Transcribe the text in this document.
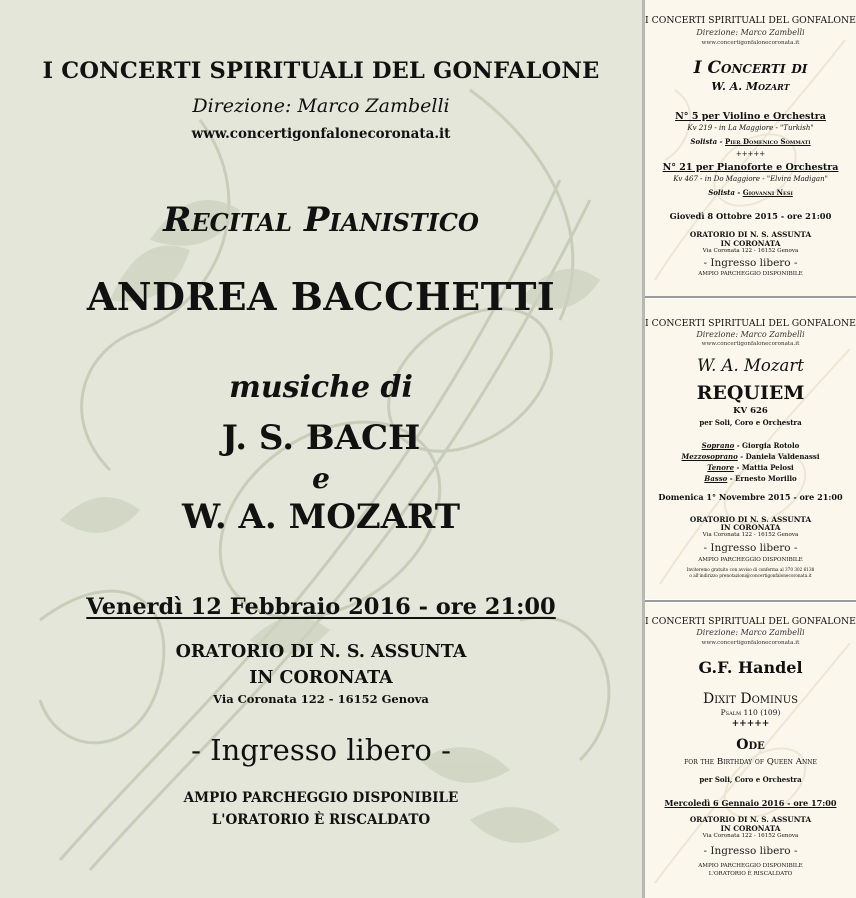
I CONCERTI SPIRITUALI DEL GONFALONE
Direzione: Marco Zambelli
www.concertigonfalonecoronata.it
Recital Pianistico
ANDREA BACCHETTI
musiche di
J. S. BACH
e
W. A. MOZART
Venerdì 12 Febbraio 2016 - ore 21:00
ORATORIO DI N. S. ASSUNTA
IN CORONATA
Via Coronata 122 - 16152 Genova
- Ingresso libero -
AMPIO PARCHEGGIO DISPONIBILE
L'ORATORIO È RISCALDATO
I CONCERTI SPIRITUALI DEL GONFALONE
Direzione: Marco Zambelli
www.concertigonfalonecoronata.it
I Concerti di
W. A. Mozart
N° 5 per Violino e Orchestra
Kv 219 - in La Maggiore - "Turkish"
Solista - Pier Domenico Sommati
+++++
N° 21 per Pianoforte e Orchestra
Kv 467 - in Do Maggiore - "Elvira Madigan"
Solista - Giovanni Nesi
Giovedì 8 Ottobre 2015 - ore 21:00
ORATORIO DI N. S. ASSUNTA
IN CORONATA
Via Coronata 122 - 16152 Genova
- Ingresso libero -
AMPIO PARCHEGGIO DISPONIBILE
I CONCERTI SPIRITUALI DEL GONFALONE
Direzione: Marco Zambelli
www.concertigonfalonecoronata.it
W. A. Mozart
REQUIEM
KV 626
per Soli, Coro e Orchestra
Soprano - Giorgia Rotolo
Mezzosoprano - Daniela Valdenassi
Tenore - Mattia Pelosi
Basso - Ernesto Morillo
Domenica 1° Novembre 2015 - ore 21:00
ORATORIO DI N. S. ASSUNTA
IN CORONATA
Via Coronata 122 - 16152 Genova
- Ingresso libero -
AMPIO PARCHEGGIO DISPONIBILE
Inviteremo gratuito con avviso di conferma al 370 302 6138
o all'indirizzo prenotazioni@concertigonfalonecoronata.it
I CONCERTI SPIRITUALI DEL GONFALONE
Direzione: Marco Zambelli
www.concertigonfalonecoronata.it
G.F. Handel
Dixit Dominus
Psalm 110 (109)
+++++
Ode
for the Birthday of Queen Anne
per Soli, Coro e Orchestra
Mercoledì 6 Gennaio 2016 - ore 17:00
ORATORIO DI N. S. ASSUNTA
IN CORONATA
Via Coronata 122 - 16152 Genova
- Ingresso libero -
AMPIO PARCHEGGIO DISPONIBILE
L'ORATORIO È RISCALDATO
